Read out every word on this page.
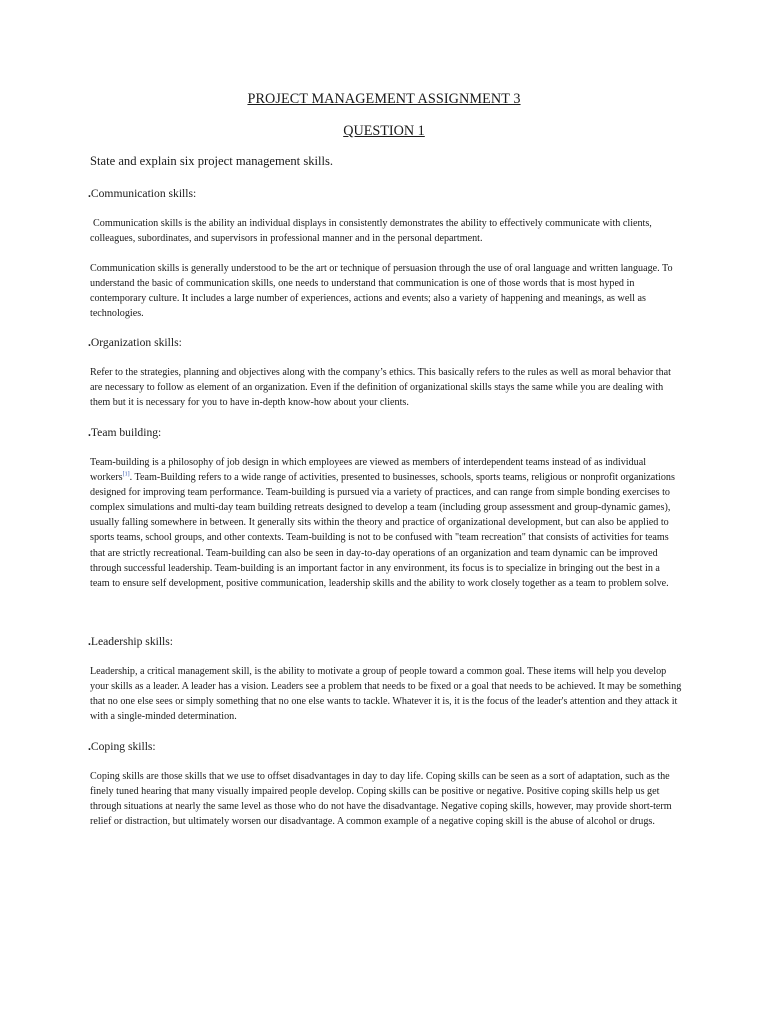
PROJECT MANAGEMENT ASSIGNMENT 3
QUESTION 1

State and explain six project management skills.

.Communication skills:

Communication skills is the ability an individual displays in consistently demonstrates the ability to effectively communicate with clients, colleagues, subordinates, and supervisors in professional manner and in the personal department.

Communication skills is generally understood to be the art or technique of persuasion through the use of oral language and written language. To understand the basic of communication skills, one needs to understand that communication is one of those words that is most hyped in contemporary culture. It includes a large number of experiences, actions and events; also a variety of happening and meanings, as well as technologies.

.Organization skills:

Refer to the strategies, planning and objectives along with the company’s ethics. This basically refers to the rules as well as moral behavior that are necessary to follow as element of an organization. Even if the definition of organizational skills stays the same while you are dealing with them but it is necessary for you to have in-depth know-how about your clients.

.Team building:

Team-building is a philosophy of job design in which employees are viewed as members of interdependent teams instead of as individual workers[1]. Team-Building refers to a wide range of activities, presented to businesses, schools, sports teams, religious or nonprofit organizations designed for improving team performance. Team-building is pursued via a variety of practices, and can range from simple bonding exercises to complex simulations and multi-day team building retreats designed to develop a team (including group assessment and group-dynamic games), usually falling somewhere in between. It generally sits within the theory and practice of organizational development, but can also be applied to sports teams, school groups, and other contexts. Team-building is not to be confused with "team recreation" that consists of activities for teams that are strictly recreational. Team-building can also be seen in day-to-day operations of an organization and team dynamic can be improved through successful leadership. Team-building is an important factor in any environment, its focus is to specialize in bringing out the best in a team to ensure self development, positive communication, leadership skills and the ability to work closely together as a team to problem solve.

.Leadership skills:

Leadership, a critical management skill, is the ability to motivate a group of people toward a common goal. These items will help you develop your skills as a leader. A leader has a vision. Leaders see a problem that needs to be fixed or a goal that needs to be achieved. It may be something that no one else sees or simply something that no one else wants to tackle. Whatever it is, it is the focus of the leader's attention and they attack it with a single-minded determination.

.Coping skills:

Coping skills are those skills that we use to offset disadvantages in day to day life. Coping skills can be seen as a sort of adaptation, such as the finely tuned hearing that many visually impaired people develop. Coping skills can be positive or negative. Positive coping skills help us get through situations at nearly the same level as those who do not have the disadvantage. Negative coping skills, however, may provide short-term relief or distraction, but ultimately worsen our disadvantage. A common example of a negative coping skill is the abuse of alcohol or drugs.
